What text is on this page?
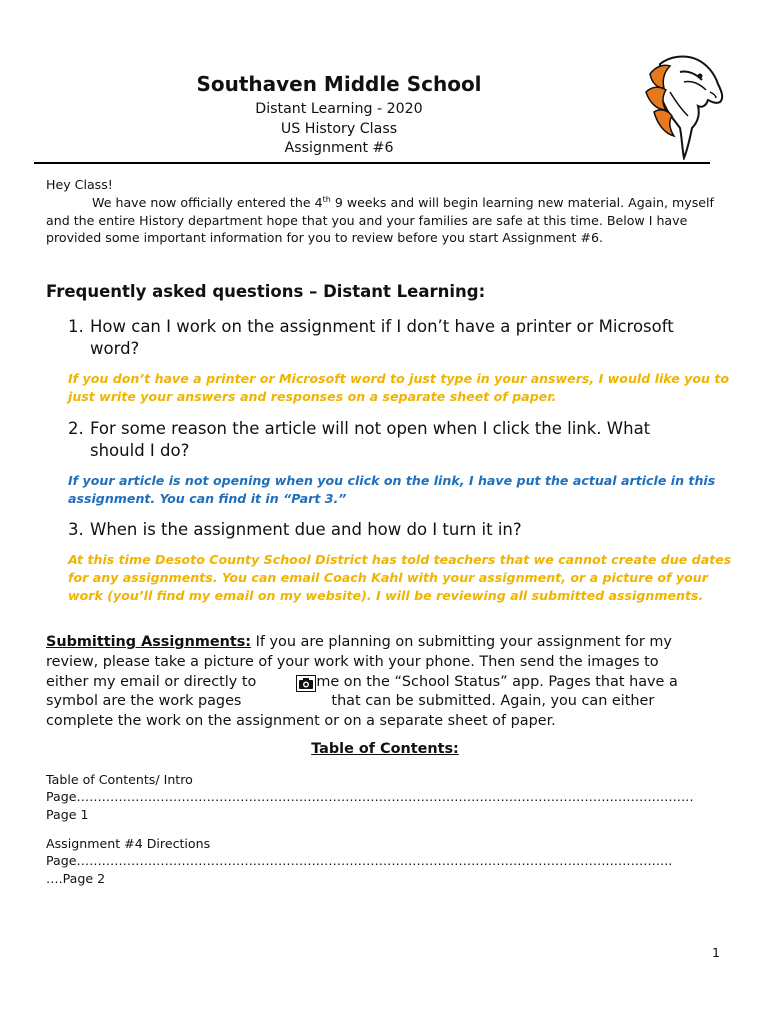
Southaven Middle School
Distant Learning - 2020
US History Class
Assignment #6

Hey Class!

We have now officially entered the 4th 9 weeks and will begin learning new material. Again, myself and the entire History department hope that you and your families are safe at this time. Below I have provided some important information for you to review before you start Assignment #6.

Frequently asked questions – Distant Learning:
1. How can I work on the assignment if I don’t have a printer or Microsoft
word?
If you don’t have a printer or Microsoft word to just type in your answers, I would like you to just write your answers and responses on a separate sheet of paper.
2. For some reason the article will not open when I click the link. What
should I do?
If your article is not opening when you click on the link, I have put the actual article in this assignment. You can find it in “Part 3.”
3. When is the assignment due and how do I turn it in?
At this time Desoto County School District has told teachers that we cannot create due dates for any assignments. You can email Coach Kahl with your assignment, or a picture of your work (you’ll find my email on my website). I will be reviewing all submitted assignments.
Submitting Assignments: If you are planning on submitting your assignment for my
review, please take a picture of your work with your phone. Then send the images to
either my email or directly to	me on the “School Status” app. Pages that have a
symbol are the work pages	that can be submitted. Again, you can either
complete the work on the assignment or on a separate sheet of paper.
Table of Contents:
Table of Contents/ Intro
Page…………………………………………………………………………………………………………………………………
Page 1
Assignment #4 Directions
Page…………………………………………………………………………………………………………………………….
….Page 2
1
